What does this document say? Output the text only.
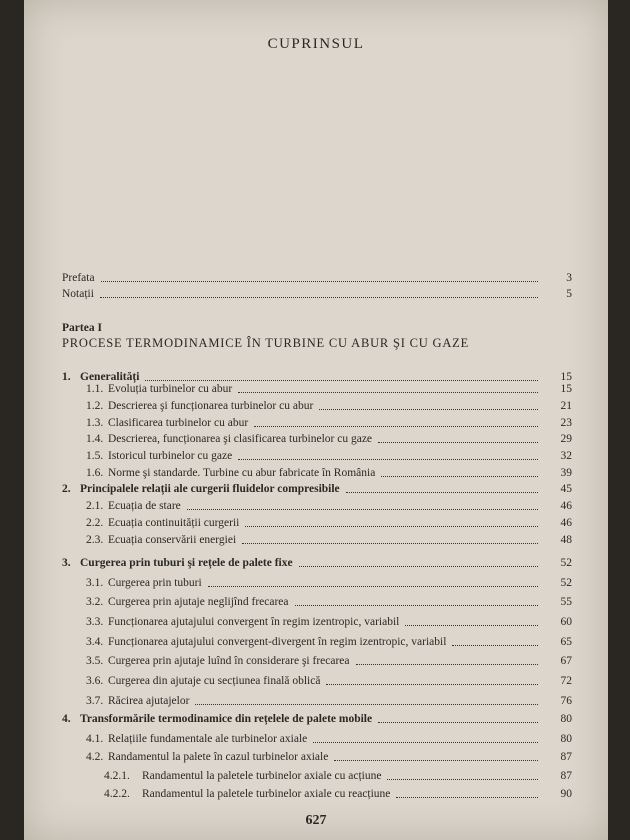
CUPRINSUL
Prefata	3
Notații	5
Partea I
PROCESE TERMODINAMICE ÎN TURBINE CU ABUR ŞI CU GAZE
1. Generalități	15
1.1. Evoluția turbinelor cu abur	15
1.2. Descrierea şi funcționarea turbinelor cu abur	21
1.3. Clasificarea turbinelor cu abur	23
1.4. Descrierea, funcționarea şi clasificarea turbinelor cu gaze	29
1.5. Istoricul turbinelor cu gaze	32
1.6. Norme şi standarde. Turbine cu abur fabricate în România	39
2. Principalele relații ale curgerii fluidelor compresibile	45
2.1. Ecuația de stare	46
2.2. Ecuația continuității curgerii	46
2.3. Ecuația conservării energiei	48
3. Curgerea prin tuburi şi rețele de palete fixe	52
3.1. Curgerea prin tuburi	52
3.2. Curgerea prin ajutaje neglijînd frecarea	55
3.3. Funcționarea ajutajului convergent în regim izentropic, variabil	60
3.4. Funcționarea ajutajului convergent-divergent în regim izentropic, variabil	65
3.5. Curgerea prin ajutaje luînd în considerare şi frecarea	67
3.6. Curgerea din ajutaje cu secțiunea finală oblică	72
3.7. Răcirea ajutajelor	76
4. Transformările termodinamice din rețelele de palete mobile	80
4.1. Relațiile fundamentale ale turbinelor axiale	80
4.2. Randamentul la palete în cazul turbinelor axiale	87
4.2.1. Randamentul la paletele turbinelor axiale cu acțiune	87
4.2.2. Randamentul la paletele turbinelor axiale cu reacțiune	90
627
